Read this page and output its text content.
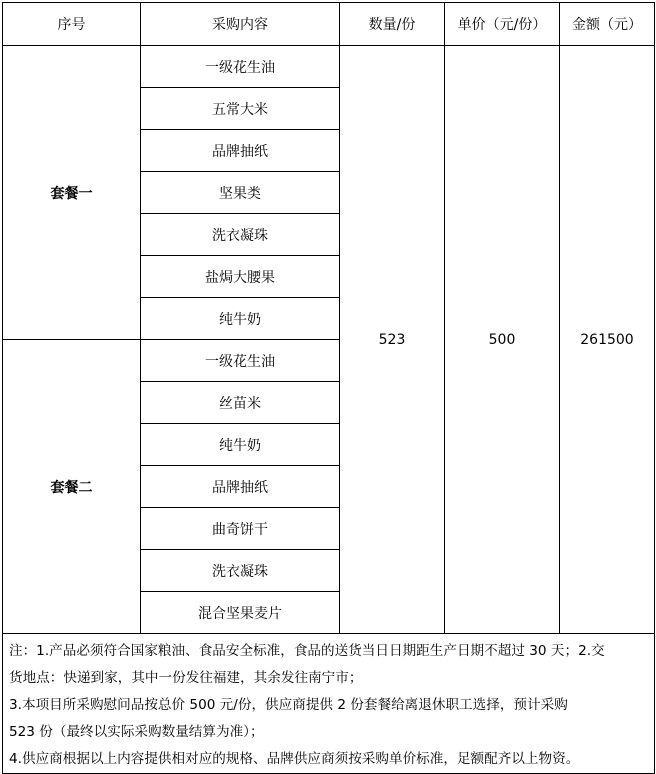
序号	采购内容	数量/份	单价（元/份）	金额（元）
套餐一	一级花生油	523	500	261500
	五常大米			
	品牌抽纸			
	坚果类			
	洗衣凝珠			
	盐焗大腰果			
	纯牛奶			
套餐二	一级花生油			
	丝苗米			
	纯牛奶			
	品牌抽纸			
	曲奇饼干			
	洗衣凝珠			
	混合坚果麦片			

注：1.产品必须符合国家粮油、食品安全标准，食品的送货当日日期距生产日期不超过 30 天；2.交
货地点：快递到家，其中一份发往福建，其余发往南宁市；
3.本项目所采购慰问品按总价 500 元/份，供应商提供 2 份套餐给离退休职工选择，预计采购
523 份（最终以实际采购数量结算为准）；
4.供应商根据以上内容提供相对应的规格、品牌供应商须按采购单价标准，足额配齐以上物资。				
